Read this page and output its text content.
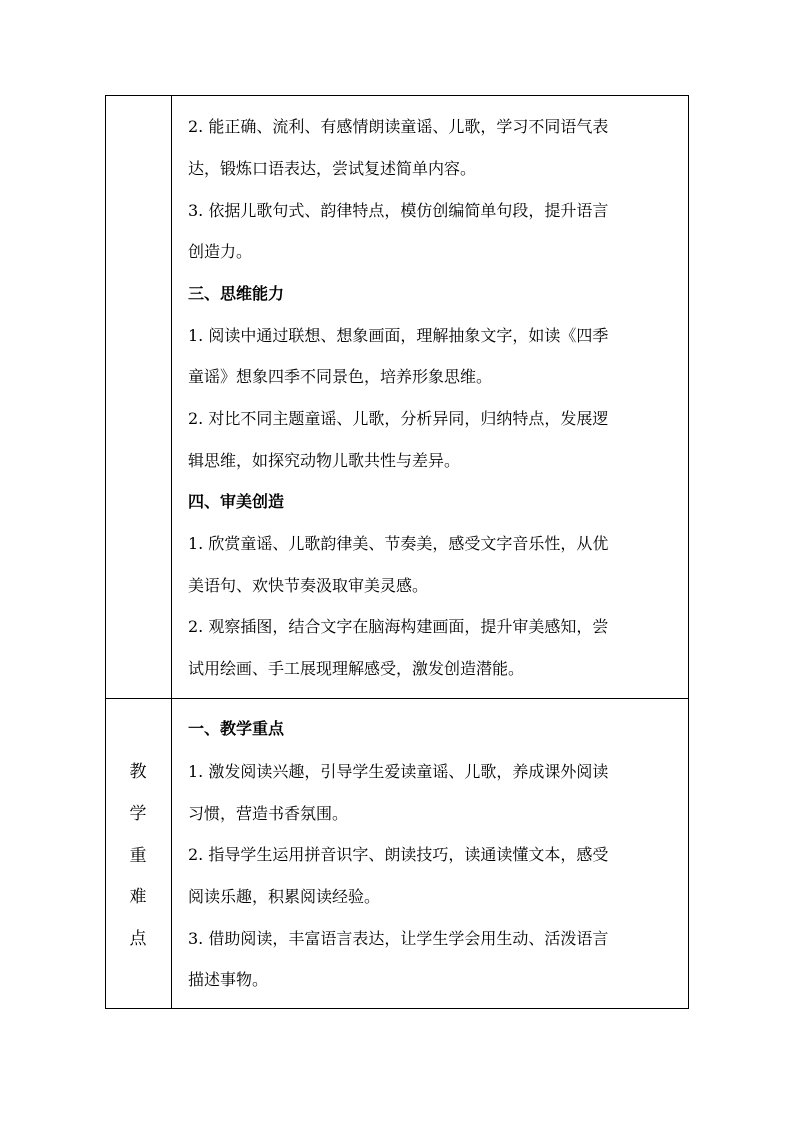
2. 能正确、流利、有感情朗读童谣、儿歌，学习不同语气表
达，锻炼口语表达，尝试复述简单内容。
3. 依据儿歌句式、韵律特点，模仿创编简单句段，提升语言
创造力。
三、思维能力
1. 阅读中通过联想、想象画面，理解抽象文字，如读《四季
童谣》想象四季不同景色，培养形象思维。
2. 对比不同主题童谣、儿歌，分析异同，归纳特点，发展逻
辑思维，如探究动物儿歌共性与差异。
四、审美创造
1. 欣赏童谣、儿歌韵律美、节奏美，感受文字音乐性，从优
美语句、欢快节奏汲取审美灵感。
2. 观察插图，结合文字在脑海构建画面，提升审美感知，尝
试用绘画、手工展现理解感受，激发创造潜能。
教
学
重
难
点
一、教学重点
1. 激发阅读兴趣，引导学生爱读童谣、儿歌，养成课外阅读
习惯，营造书香氛围。
2. 指导学生运用拼音识字、朗读技巧，读通读懂文本，感受
阅读乐趣，积累阅读经验。
3. 借助阅读，丰富语言表达，让学生学会用生动、活泼语言
描述事物。
